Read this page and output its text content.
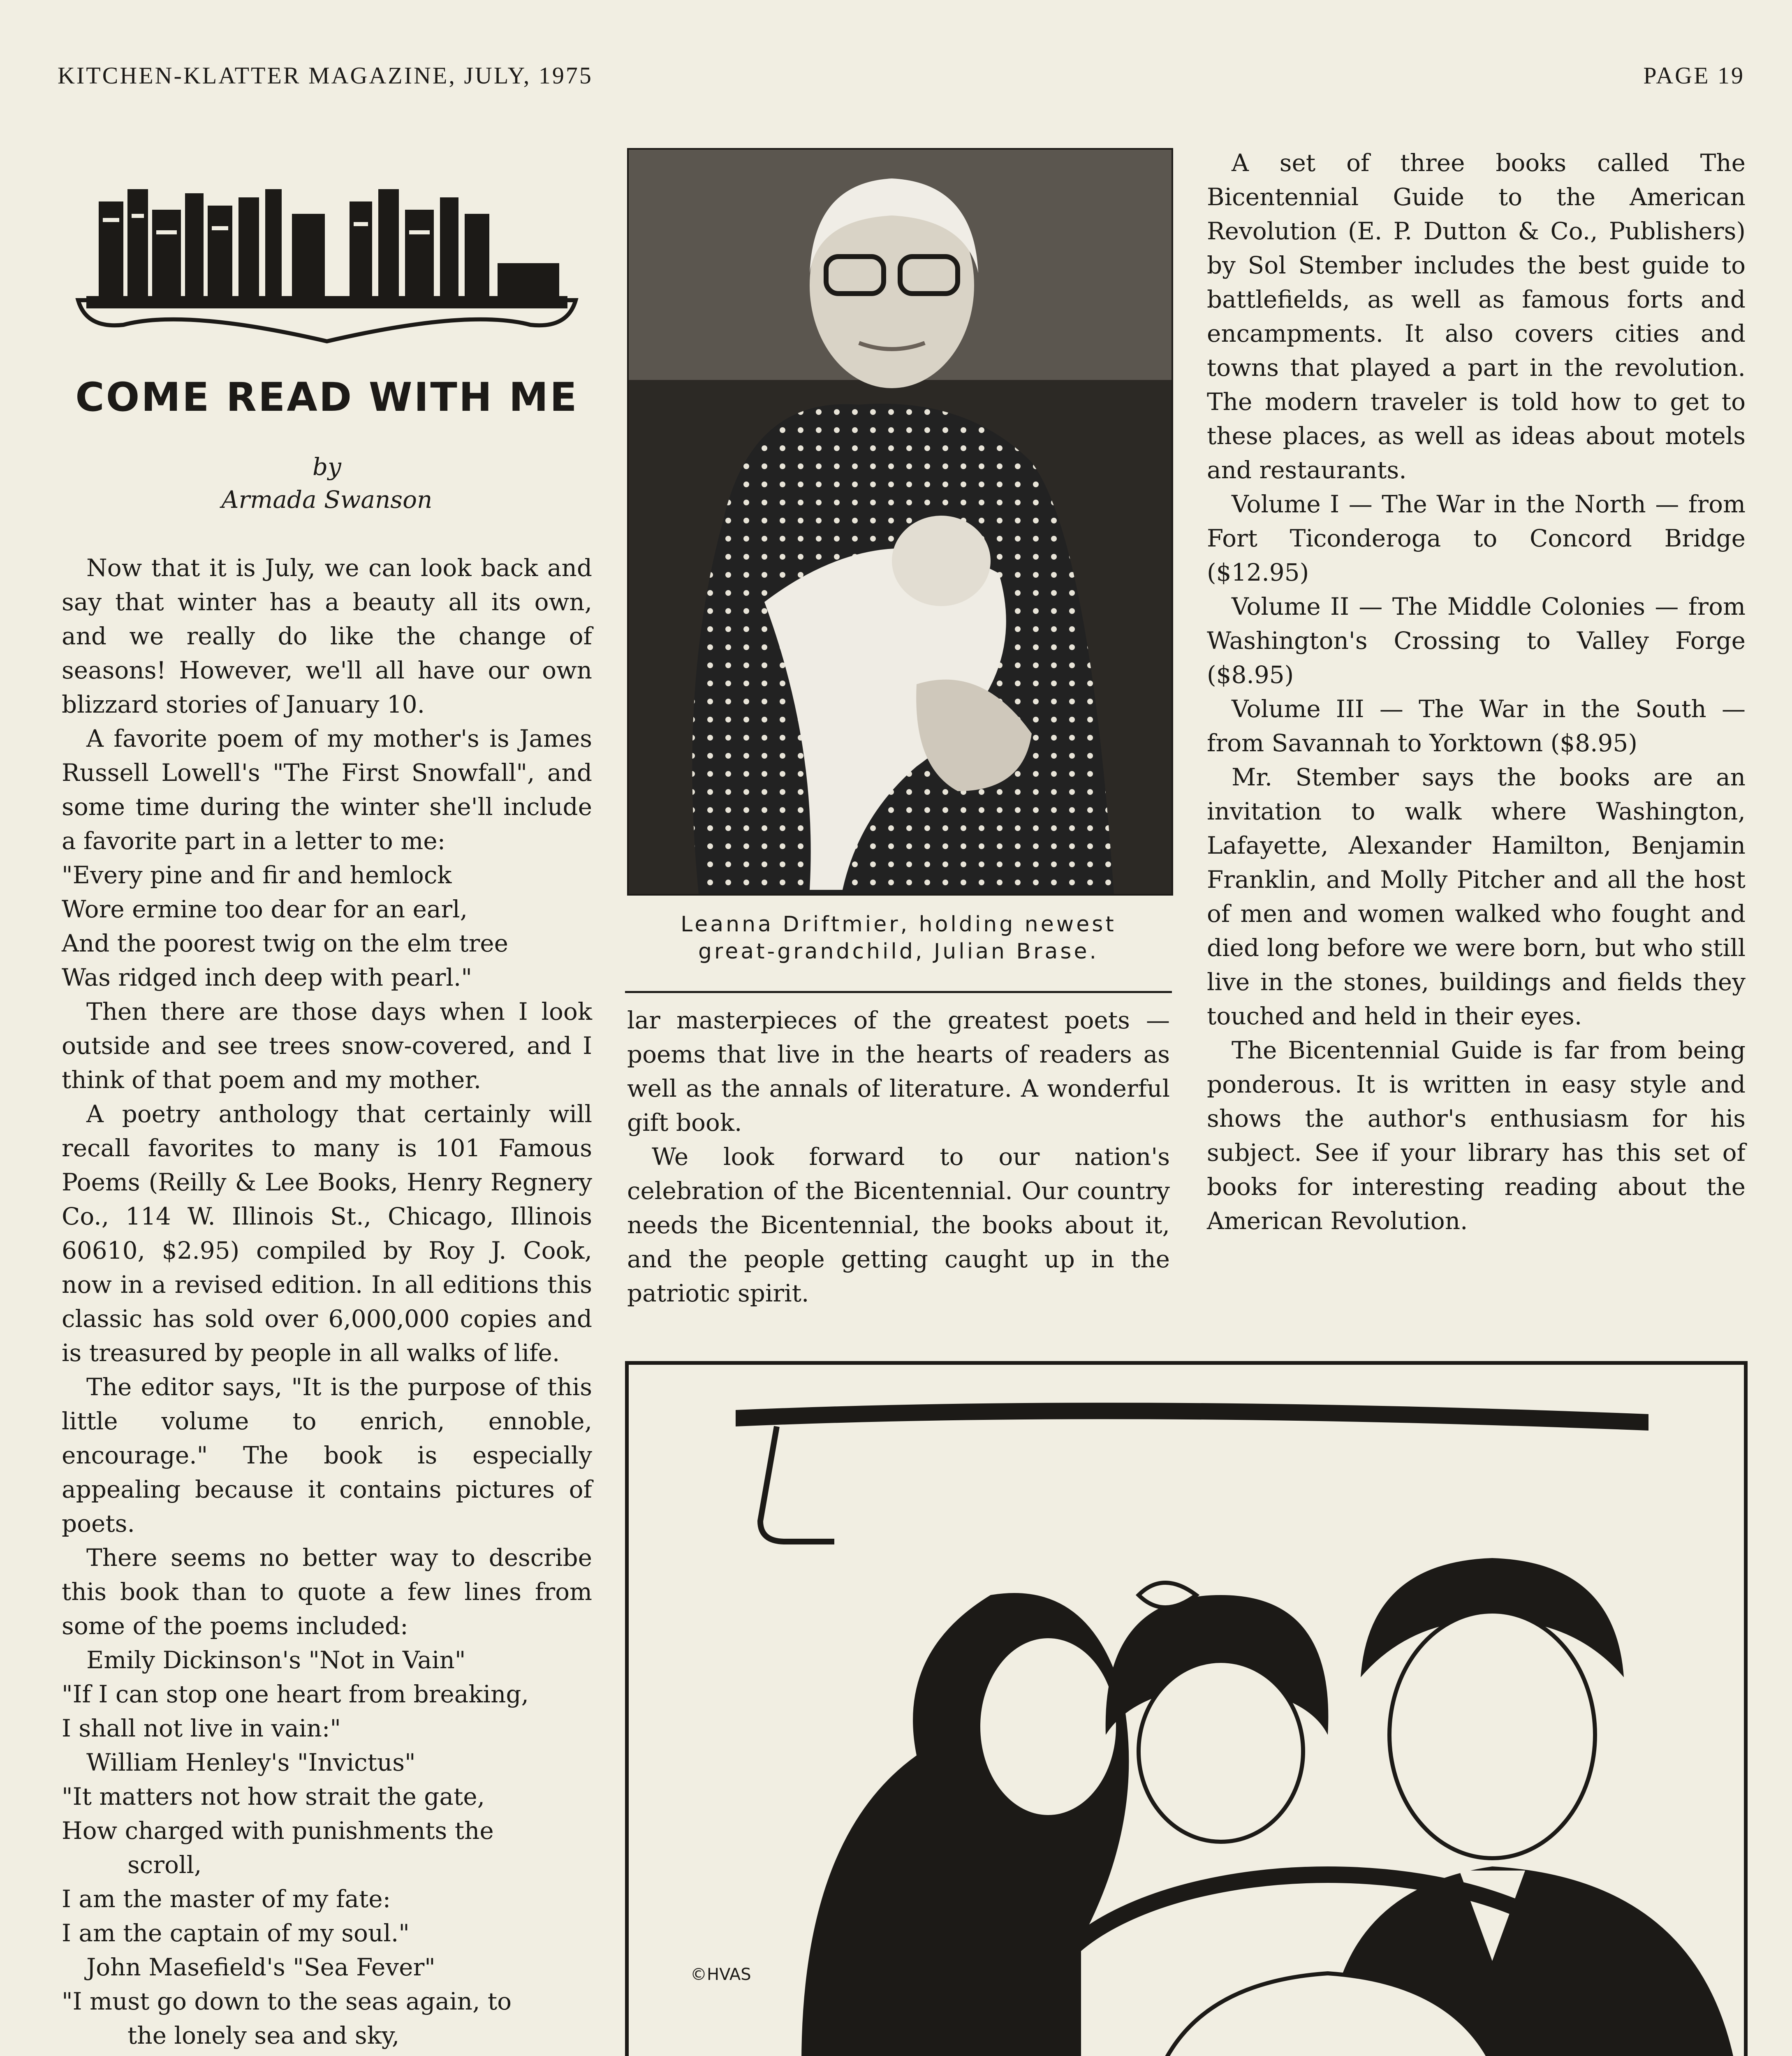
KITCHEN-KLATTER MAGAZINE, JULY, 1975	PAGE 19
COME READ WITH ME
by
Armada Swanson

Now that it is July, we can look back and say that winter has a beauty all its own, and we really do like the change of seasons! However, we'll all have our own blizzard stories of January 10.

A favorite poem of my mother's is James Russell Lowell's "The First Snowfall", and some time during the winter she'll include a favorite part in a letter to me:

"Every pine and fir and hemlock

Wore ermine too dear for an earl,

And the poorest twig on the elm tree

Was ridged inch deep with pearl."

Then there are those days when I look outside and see trees snow-covered, and I think of that poem and my mother.

A poetry anthology that certainly will recall favorites to many is 101 Famous Poems (Reilly & Lee Books, Henry Regnery Co., 114 W. Illinois St., Chicago, Illinois 60610, $2.95) compiled by Roy J. Cook, now in a revised edition. In all editions this classic has sold over 6,000,000 copies and is treasured by people in all walks of life.

The editor says, "It is the purpose of this little volume to enrich, ennoble, encourage." The book is especially appealing because it contains pictures of poets.

There seems no better way to describe this book than to quote a few lines from some of the poems included:

Emily Dickinson's "Not in Vain"

"If I can stop one heart from breaking,

I shall not live in vain:"

William Henley's "Invictus"

"It matters not how strait the gate,

How charged with punishments the

scroll,

I am the master of my fate:

I am the captain of my soul."

John Masefield's "Sea Fever"

"I must go down to the seas again, to

the lonely sea and sky,

Leanna Driftmier, holding newest
great-grandchild, Julian Brase.

lar masterpieces of the greatest poets — poems that live in the hearts of readers as well as the annals of literature. A wonderful gift book.

We look forward to our nation's celebration of the Bicentennial. Our country needs the Bicentennial, the books about it, and the people getting caught up in the patriotic spirit.

A set of three books called The Bicentennial Guide to the American Revolution (E. P. Dutton & Co., Publishers) by Sol Stember includes the best guide to battlefields, as well as famous forts and encampments. It also covers cities and towns that played a part in the revolution. The modern traveler is told how to get to these places, as well as ideas about motels and restaurants.

Volume I — The War in the North — from Fort Ticonderoga to Concord Bridge ($12.95)

Volume II — The Middle Colonies — from Washington's Crossing to Valley Forge ($8.95)

Volume III — The War in the South — from Savannah to Yorktown ($8.95)

Mr. Stember says the books are an invitation to walk where Washington, Lafayette, Alexander Hamilton, Benjamin Franklin, and Molly Pitcher and all the host of men and women walked who fought and died long before we were born, but who still live in the stones, buildings and fields they touched and held in their eyes.

The Bicentennial Guide is far from being ponderous. It is written in easy style and shows the author's enthusiasm for his subject. See if your library has this set of books for interesting reading about the American Revolution.

©HVAS
